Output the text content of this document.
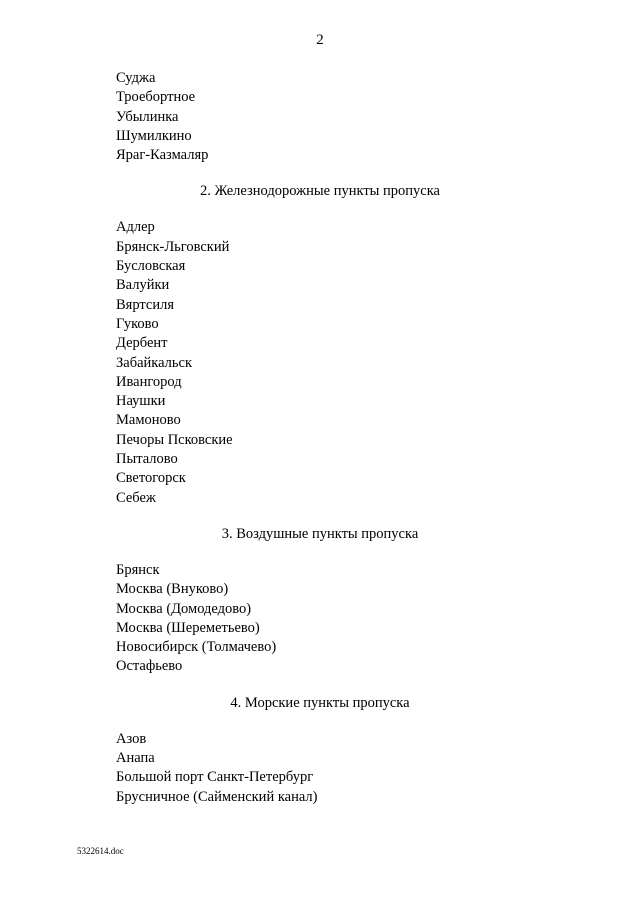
2
Суджа
Троебортное
Убылинка
Шумилкино
Яраг-Казмаляр
2. Железнодорожные пункты пропуска
Адлер
Брянск-Льговский
Бусловская
Валуйки
Вяртсиля
Гуково
Дербент
Забайкальск
Ивангород
Наушки
Мамоново
Печоры Псковские
Пыталово
Светогорск
Себеж
3. Воздушные пункты пропуска
Брянск
Москва (Внуково)
Москва (Домодедово)
Москва (Шереметьево)
Новосибирск (Толмачево)
Остафьево
4. Морские пункты пропуска
Азов
Анапа
Большой порт Санкт-Петербург
Брусничное (Сайменский канал)
5322614.doc
